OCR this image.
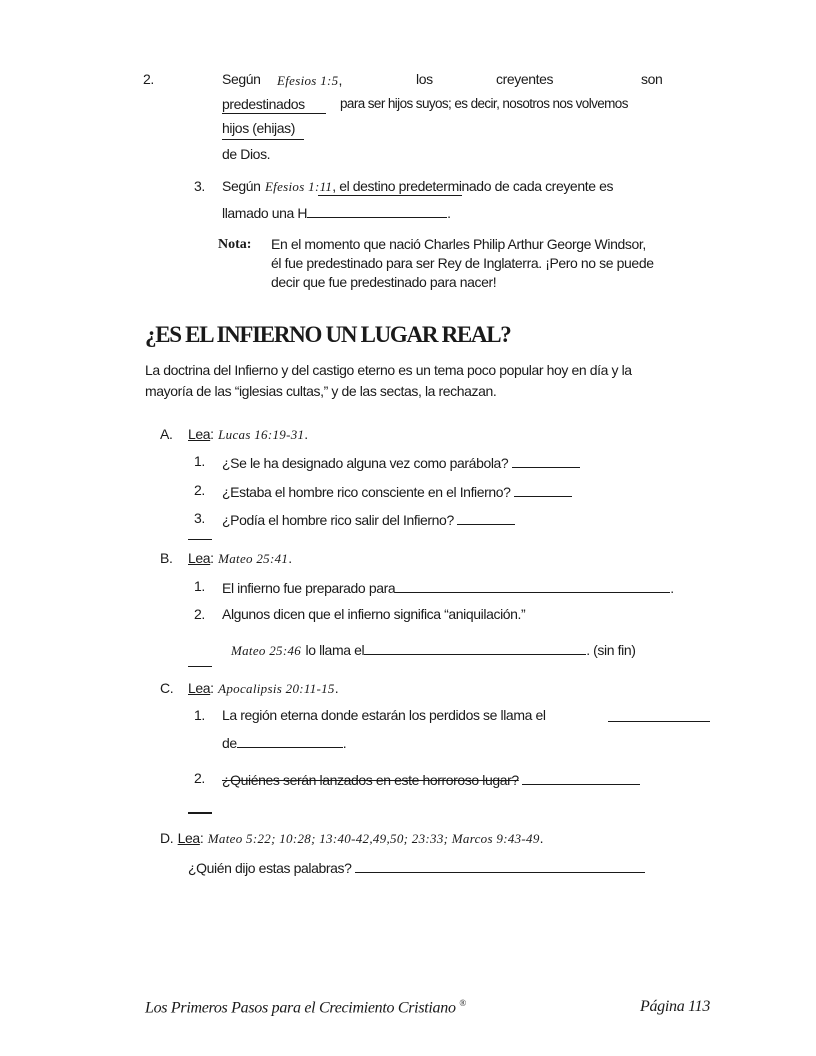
2.	Según Efesios 1:5,	los	creyentes	son
predestinados	para ser hijos suyos; es decir, nosotros nos volvemos
hijos (ehijas)
de Dios.
3. Según Efesios 1:11, el destino predeterminado de cada creyente es
llamado una H	.
Nota: En el momento que nació Charles Philip Arthur George Windsor,
él fue predestinado para ser Rey de Inglaterra. ¡Pero no se puede
decir que fue predestinado para nacer!
¿ES EL INFIERNO UN LUGAR REAL?
La doctrina del Infierno y del castigo eterno es un tema poco popular hoy en día y la
mayoría de las “iglesias cultas,” y de las sectas, la rechazan.
A. Lea: Lucas 16:19-31.
1. ¿Se le ha designado alguna vez como parábola?
2. ¿Estaba el hombre rico consciente en el Infierno?
3. ¿Podía el hombre rico salir del Infierno?
B. Lea: Mateo 25:41.
1. El infierno fue preparado para	.
2. Algunos dicen que el infierno significa “aniquilación.”
Mateo 25:46 lo llama el	. (sin fin)
C. Lea: Apocalipsis 20:11-15.
1. La región eterna donde estarán los perdidos se llama el
de	.
2. ¿Quiénes serán lanzados en este horroroso lugar?
D. Lea: Mateo 5:22; 10:28; 13:40-42,49,50; 23:33; Marcos 9:43-49.
¿Quién dijo estas palabras?
Los Primeros Pasos para el Crecimiento Cristiano ®	Página 113
